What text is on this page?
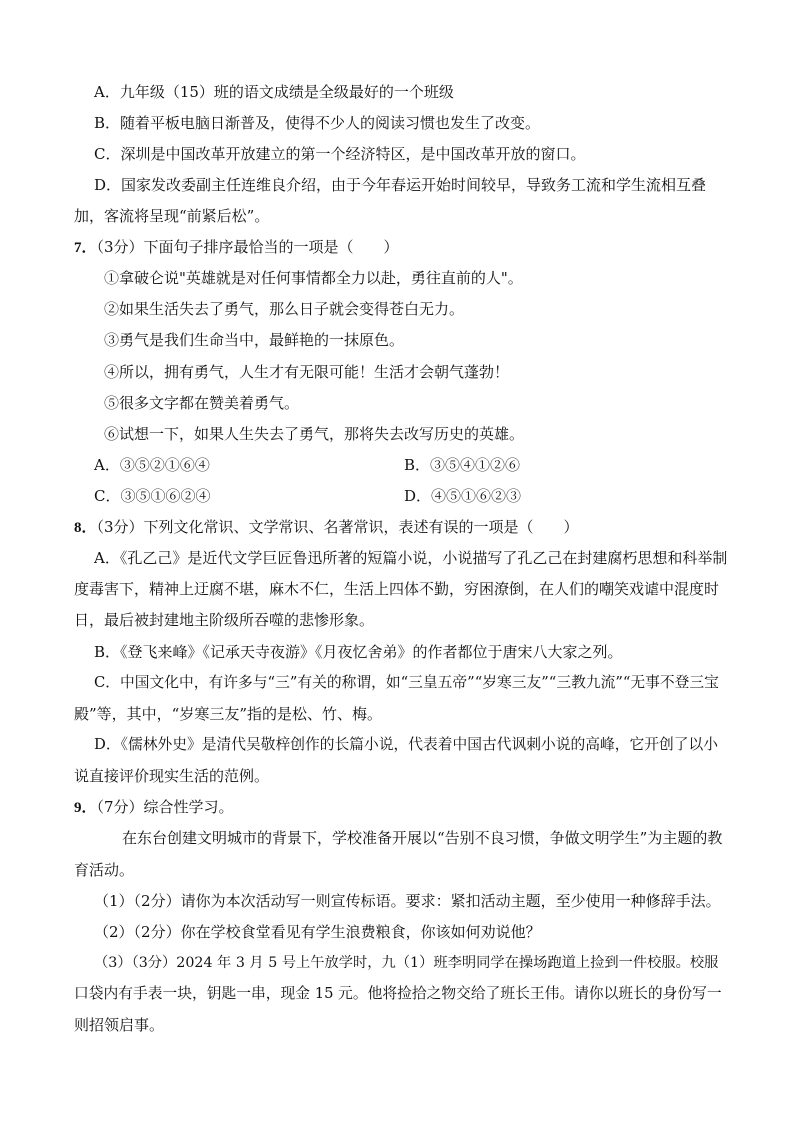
A．九年级（15）班的语文成绩是全级最好的一个班级
B．随着平板电脑日渐普及，使得不少人的阅读习惯也发生了改变。
C．深圳是中国改革开放建立的第一个经济特区，是中国改革开放的窗口。
D．国家发改委副主任连维良介绍，由于今年春运开始时间较早，导致务工流和学生流相互叠
加，客流将呈现“前紧后松”。
7．（3分）下面句子排序最恰当的一项是（　　）
①拿破仑说"英雄就是对任何事情都全力以赴，勇往直前的人"。
②如果生活失去了勇气，那么日子就会变得苍白无力。
③勇气是我们生命当中，最鲜艳的一抹原色。
④所以，拥有勇气，人生才有无限可能！生活才会朝气蓬勃！
⑤很多文字都在赞美着勇气。
⑥试想一下，如果人生失去了勇气，那将失去改写历史的英雄。
A．③⑤②①⑥④	B．③⑤④①②⑥
C．③⑤①⑥②④	D．④⑤①⑥②③
8．（3分）下列文化常识、文学常识、名著常识，表述有误的一项是（　　）
A．《孔乙己》是近代文学巨匠鲁迅所著的短篇小说，小说描写了孔乙己在封建腐朽思想和科举制
度毒害下，精神上迂腐不堪，麻木不仁，生活上四体不勤，穷困潦倒，在人们的嘲笑戏谑中混度时
日，最后被封建地主阶级所吞噬的悲惨形象。
B．《登飞来峰》《记承天寺夜游》《月夜忆舍弟》的作者都位于唐宋八大家之列。
C．中国文化中，有许多与“三”有关的称谓，如“三皇五帝”“岁寒三友”“三教九流”“无事不登三宝
殿”等，其中，“岁寒三友”指的是松、竹、梅。
D．《儒林外史》是清代吴敬梓创作的长篇小说，代表着中国古代讽刺小说的高峰，它开创了以小
说直接评价现实生活的范例。
9．（7分）综合性学习。
在东台创建文明城市的背景下，学校准备开展以“告别不良习惯，争做文明学生”为主题的教
育活动。
（1）（2分）请你为本次活动写一则宣传标语。要求：紧扣活动主题，至少使用一种修辞手法。
（2）（2分）你在学校食堂看见有学生浪费粮食，你该如何劝说他？
（3）（3分）2024 年 3 月 5 号上午放学时，九（1）班李明同学在操场跑道上捡到一件校服。校服
口袋内有手表一块，钥匙一串，现金 15 元。他将捡拾之物交给了班长王伟。请你以班长的身份写一
则招领启事。
